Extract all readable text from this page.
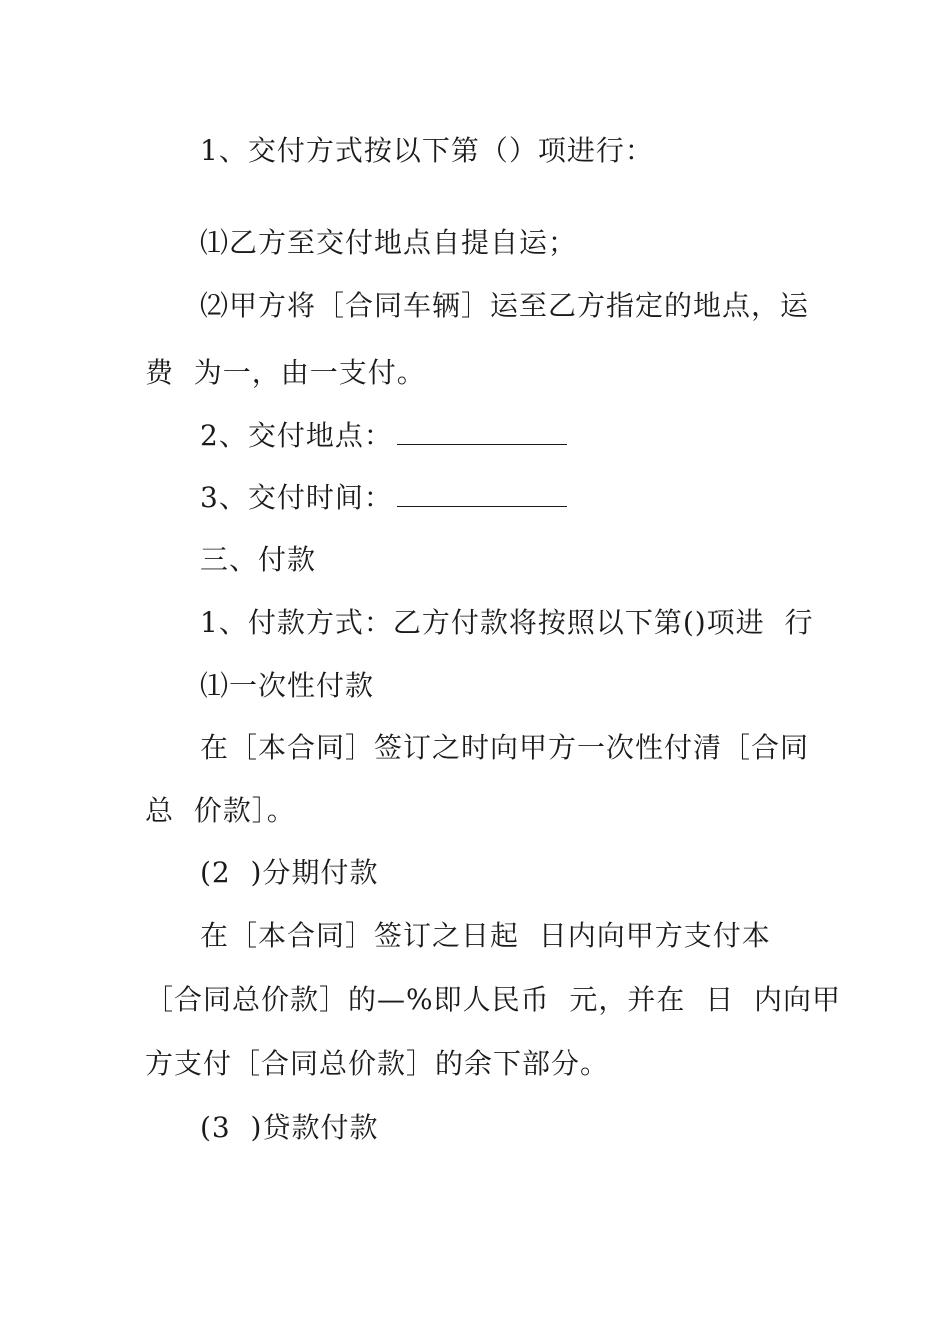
1、交付方式按以下第（）项进行：
⑴乙方至交付地点自提自运；
⑵甲方将［合同车辆］运至乙方指定的地点，运
费  为一，由一支付。
2、交付地点：
3、交付时间：
三、付款
1、付款方式：乙方付款将按照以下第()项进  行
⑴一次性付款
在［本合同］签订之时向甲方一次性付清［合同
总  价款］。
(2  )分期付款
在［本合同］签订之日起  日内向甲方支付本
［合同总价款］的—%即人民币  元，并在  日  内向甲
方支付［合同总价款］的余下部分。
(3  )贷款付款
